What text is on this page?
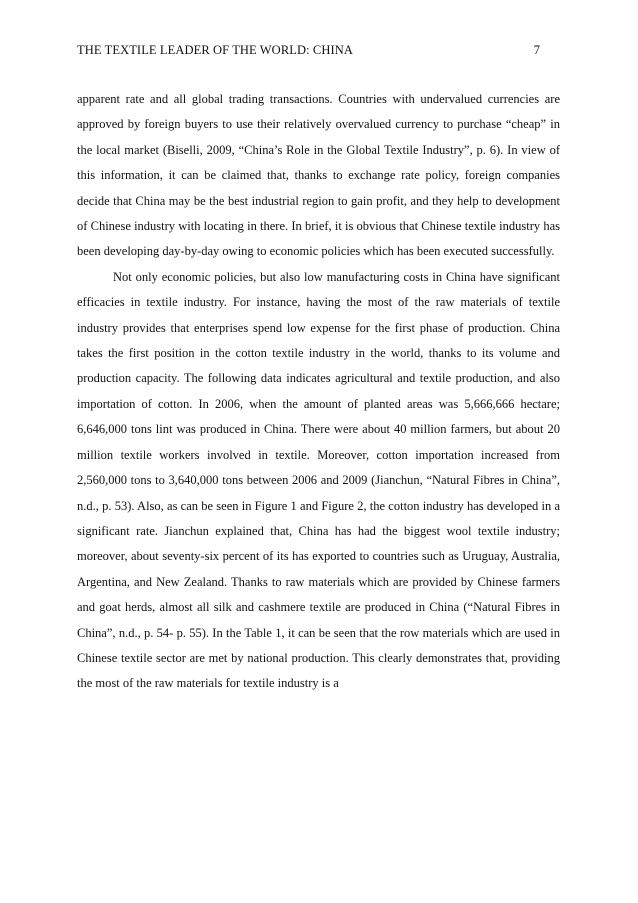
THE TEXTILE LEADER OF THE WORLD: CHINA	7

apparent rate and all global trading transactions. Countries with undervalued currencies are approved by foreign buyers to use their relatively overvalued currency to purchase “cheap” in the local market (Biselli, 2009, “China’s Role in the Global Textile Industry”, p. 6). In view of this information, it can be claimed that, thanks to exchange rate policy, foreign companies decide that China may be the best industrial region to gain profit, and they help to development of Chinese industry with locating in there. In brief, it is obvious that Chinese textile industry has been developing day-by-day owing to economic policies which has been executed successfully.

Not only economic policies, but also low manufacturing costs in China have significant efficacies in textile industry. For instance, having the most of the raw materials of textile industry provides that enterprises spend low expense for the first phase of production. China takes the first position in the cotton textile industry in the world, thanks to its volume and production capacity. The following data indicates agricultural and textile production, and also importation of cotton. In 2006, when the amount of planted areas was 5,666,666 hectare; 6,646,000 tons lint was produced in China. There were about 40 million farmers, but about 20 million textile workers involved in textile. Moreover, cotton importation increased from 2,560,000 tons to 3,640,000 tons between 2006 and 2009 (Jianchun, “Natural Fibres in China”, n.d., p. 53). Also, as can be seen in Figure 1 and Figure 2, the cotton industry has developed in a significant rate. Jianchun explained that, China has had the biggest wool textile industry; moreover, about seventy-six percent of its has exported to countries such as Uruguay, Australia, Argentina, and New Zealand. Thanks to raw materials which are provided by Chinese farmers and goat herds, almost all silk and cashmere textile are produced in China (“Natural Fibres in China”, n.d., p. 54- p. 55). In the Table 1, it can be seen that the row materials which are used in Chinese textile sector are met by national production. This clearly demonstrates that, providing the most of the raw materials for textile industry is a
